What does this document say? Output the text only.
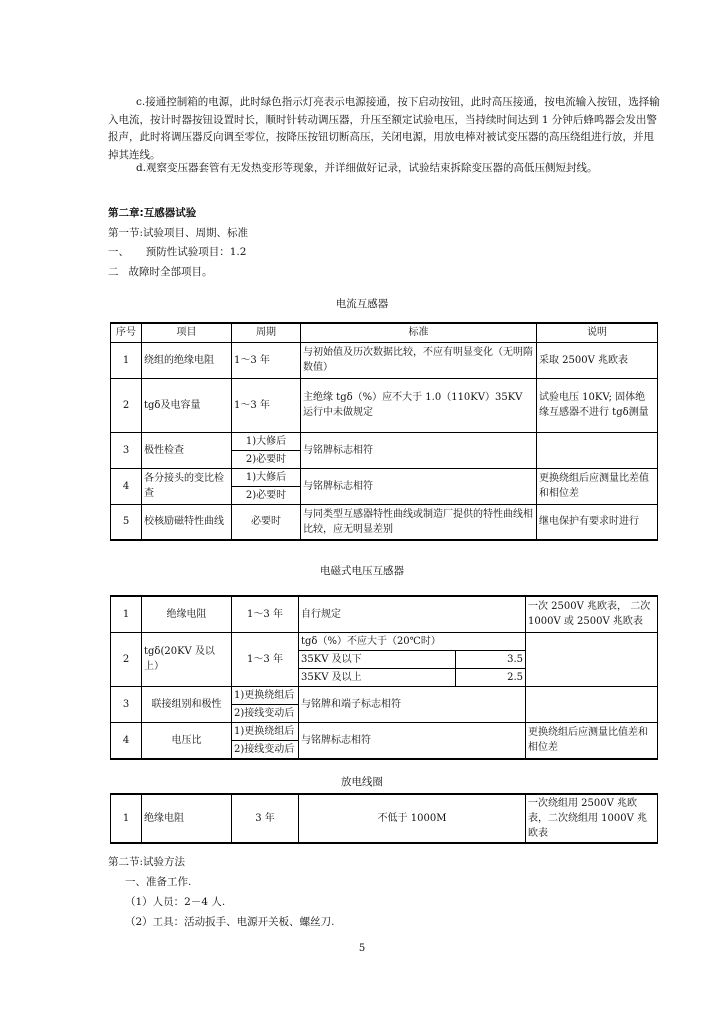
c.接通控制箱的电源，此时绿色指示灯亮表示电源接通，按下启动按钮，此时高压接通，按电流输入按钮，选择输入电流，按计时器按钮设置时长，顺时针转动调压器，升压至额定试验电压，当持续时间达到 1 分钟后蜂鸣器会发出警报声，此时将调压器反向调至零位，按降压按钮切断高压，关闭电源，用放电棒对被试变压器的高压绕组进行放，并甩掉其连线。
d.观察变压器套管有无发热变形等现象，并详细做好记录，试验结束拆除变压器的高低压侧短封线。
第二章:互感器试验
第一节:试验项目、周期、标准
一、     预防性试验项目：1.2
二   故障时全部项目。
电流互感器
序号	项目	周期	标准	说明
1	绕组的绝缘电阻	1～3 年	与初始值及历次数据比较，不应有明显变化（无明隋数值）	采取 2500V 兆欧表
2	tgδ及电容量	1～3 年	主绝缘 tgδ（%）应不大于 1.0（110KV）35KV 运行中未做规定	试验电压 10KV; 固体绝缘互感器不进行 tgδ测量
3	极性检查	1)大修后	与铭牌标志相符	
		2)必要时		
4	各分接头的变比检查	1)大修后	与铭牌标志相符	更换绕组后应测量比差值和相位差
		2)必要时		
5	校核励磁特性曲线	必要时	与同类型互感器特性曲线或制造厂提供的特性曲线相比较，应无明显差别	继电保护有要求时进行
电磁式电压互感器
1	绝缘电阻	1～3 年	自行规定		一次 2500V 兆欧表， 二次 1000V 或 2500V 兆欧表
2	tgδ(20KV 及以上）	1～3 年	tgδ（%）不应大于（20℃时）		
			35KV 及以下	3.5	
			35KV 及以上	2.5	
3	联接组别和极性	1)更换绕组后	与铭牌和端子标志相符		
		2)接线变动后			
4	电压比	1)更换绕组后	与铭牌标志相符		更换绕组后应测量比值差和相位差
		2)接线变动后			
放电线圈
1	绝缘电阻	3 年	不低于 1000M	一次绕组用 2500V 兆欧表，二次绕组用 1000V 兆欧表
第二节:试验方法
一、准备工作.
（1）人员：2－4 人.
（2）工具：活动扳手、电源开关板、螺丝刀.
5
